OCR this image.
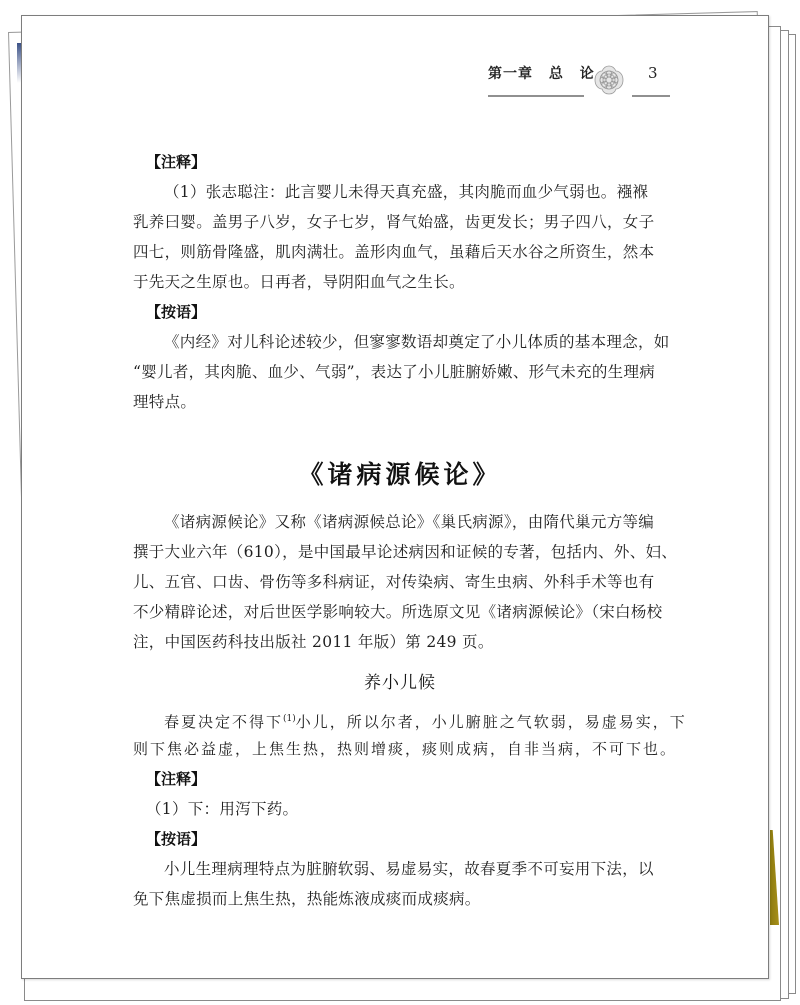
第一章 总 论	3
【注释】
（1）张志聪注：此言婴儿未得天真充盛，其肉脆而血少气弱也。襁褓
乳养曰婴。盖男子八岁，女子七岁，肾气始盛，齿更发长；男子四八，女子
四七，则筋骨隆盛，肌肉满壮。盖形肉血气，虽藉后天水谷之所资生，然本
于先天之生原也。日再者，导阴阳血气之生长。
【按语】
《内经》对儿科论述较少，但寥寥数语却奠定了小儿体质的基本理念，如
“婴儿者，其肉脆、血少、气弱”，表达了小儿脏腑娇嫩、形气未充的生理病
理特点。
《诸病源候论》
《诸病源候论》又称《诸病源候总论》《巢氏病源》，由隋代巢元方等编
撰于大业六年（610），是中国最早论述病因和证候的专著，包括内、外、妇、
儿、五官、口齿、骨伤等多科病证，对传染病、寄生虫病、外科手术等也有
不少精辟论述，对后世医学影响较大。所选原文见《诸病源候论》（宋白杨校
注，中国医药科技出版社 2011 年版）第 249 页。
养小儿候
春夏决定不得下$^{(1)}$小儿，所以尔者，小儿腑脏之气软弱，易虚易实，下
则下焦必益虚，上焦生热，热则增痰，痰则成病，自非当病，不可下也。
【注释】
（1）下：用泻下药。
【按语】
小儿生理病理特点为脏腑软弱、易虚易实，故春夏季不可妄用下法，以
免下焦虚损而上焦生热，热能炼液成痰而成痰病。
